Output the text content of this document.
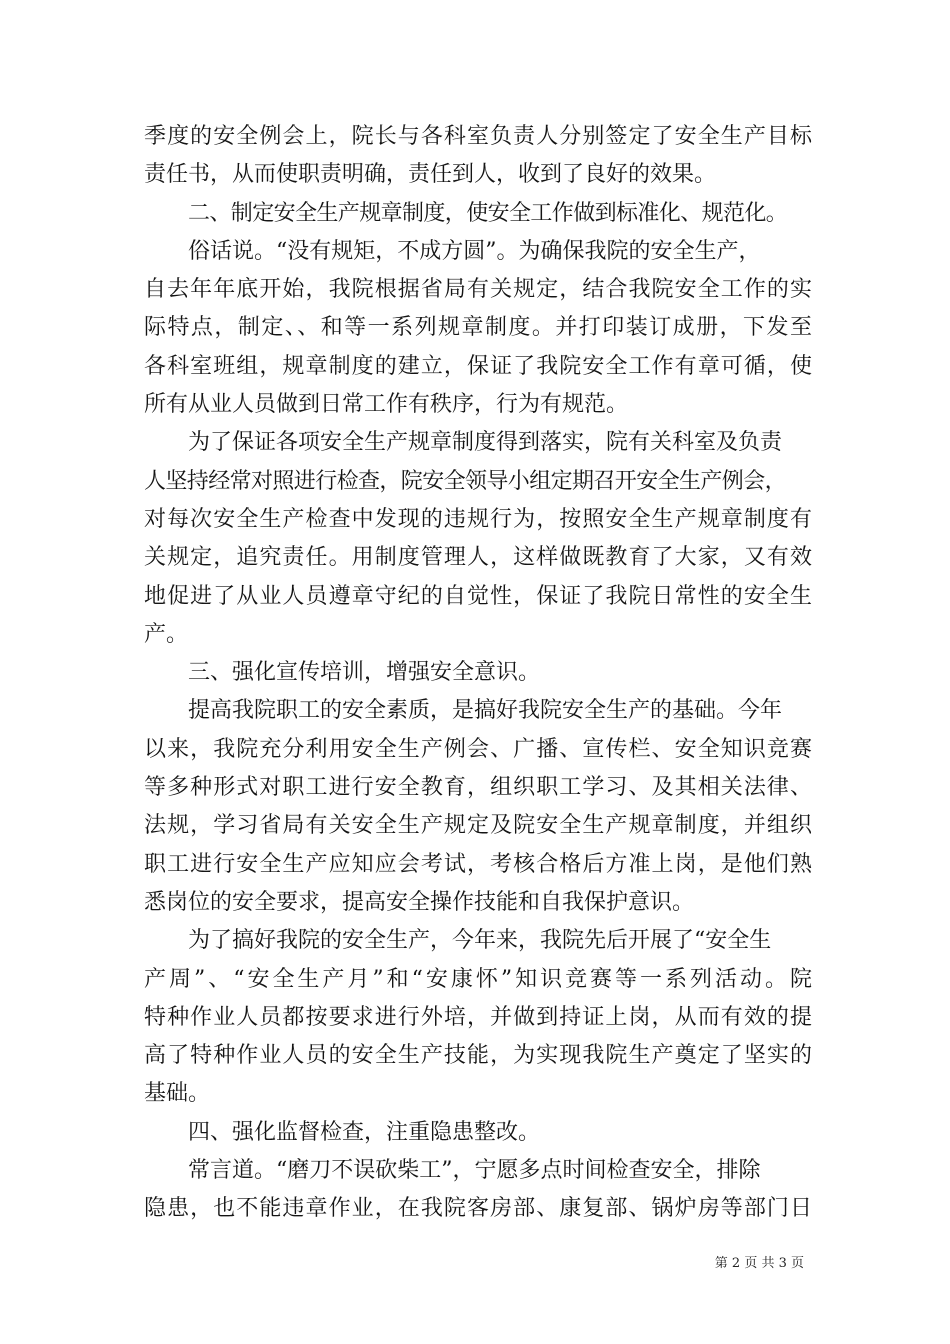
季度的安全例会上，院长与各科室负责人分别签定了安全生产目标
责任书，从而使职责明确，责任到人，收到了良好的效果。
二、制定安全生产规章制度，使安全工作做到标准化、规范化。
俗话说。“没有规矩，不成方圆”。为确保我院的安全生产，
自去年年底开始，我院根据省局有关规定，结合我院安全工作的实
际特点，制定、、和等一系列规章制度。并打印装订成册，下发至
各科室班组，规章制度的建立，保证了我院安全工作有章可循，使
所有从业人员做到日常工作有秩序，行为有规范。
为了保证各项安全生产规章制度得到落实，院有关科室及负责
人坚持经常对照进行检查，院安全领导小组定期召开安全生产例会，
对每次安全生产检查中发现的违规行为，按照安全生产规章制度有
关规定，追究责任。用制度管理人，这样做既教育了大家，又有效
地促进了从业人员遵章守纪的自觉性，保证了我院日常性的安全生
产。
三、强化宣传培训，增强安全意识。
提高我院职工的安全素质，是搞好我院安全生产的基础。今年
以来，我院充分利用安全生产例会、广播、宣传栏、安全知识竞赛
等多种形式对职工进行安全教育，组织职工学习、及其相关法律、
法规，学习省局有关安全生产规定及院安全生产规章制度，并组织
职工进行安全生产应知应会考试，考核合格后方准上岗，是他们熟
悉岗位的安全要求，提高安全操作技能和自我保护意识。
为了搞好我院的安全生产，今年来，我院先后开展了“安全生
产周”、“安全生产月”和“安康怀”知识竞赛等一系列活动。院
特种作业人员都按要求进行外培，并做到持证上岗，从而有效的提
高了特种作业人员的安全生产技能，为实现我院生产奠定了坚实的
基础。
四、强化监督检查，注重隐患整改。
常言道。“磨刀不误砍柴工”，宁愿多点时间检查安全，排除
隐患，也不能违章作业，在我院客房部、康复部、锅炉房等部门日
第 2 页 共 3 页
